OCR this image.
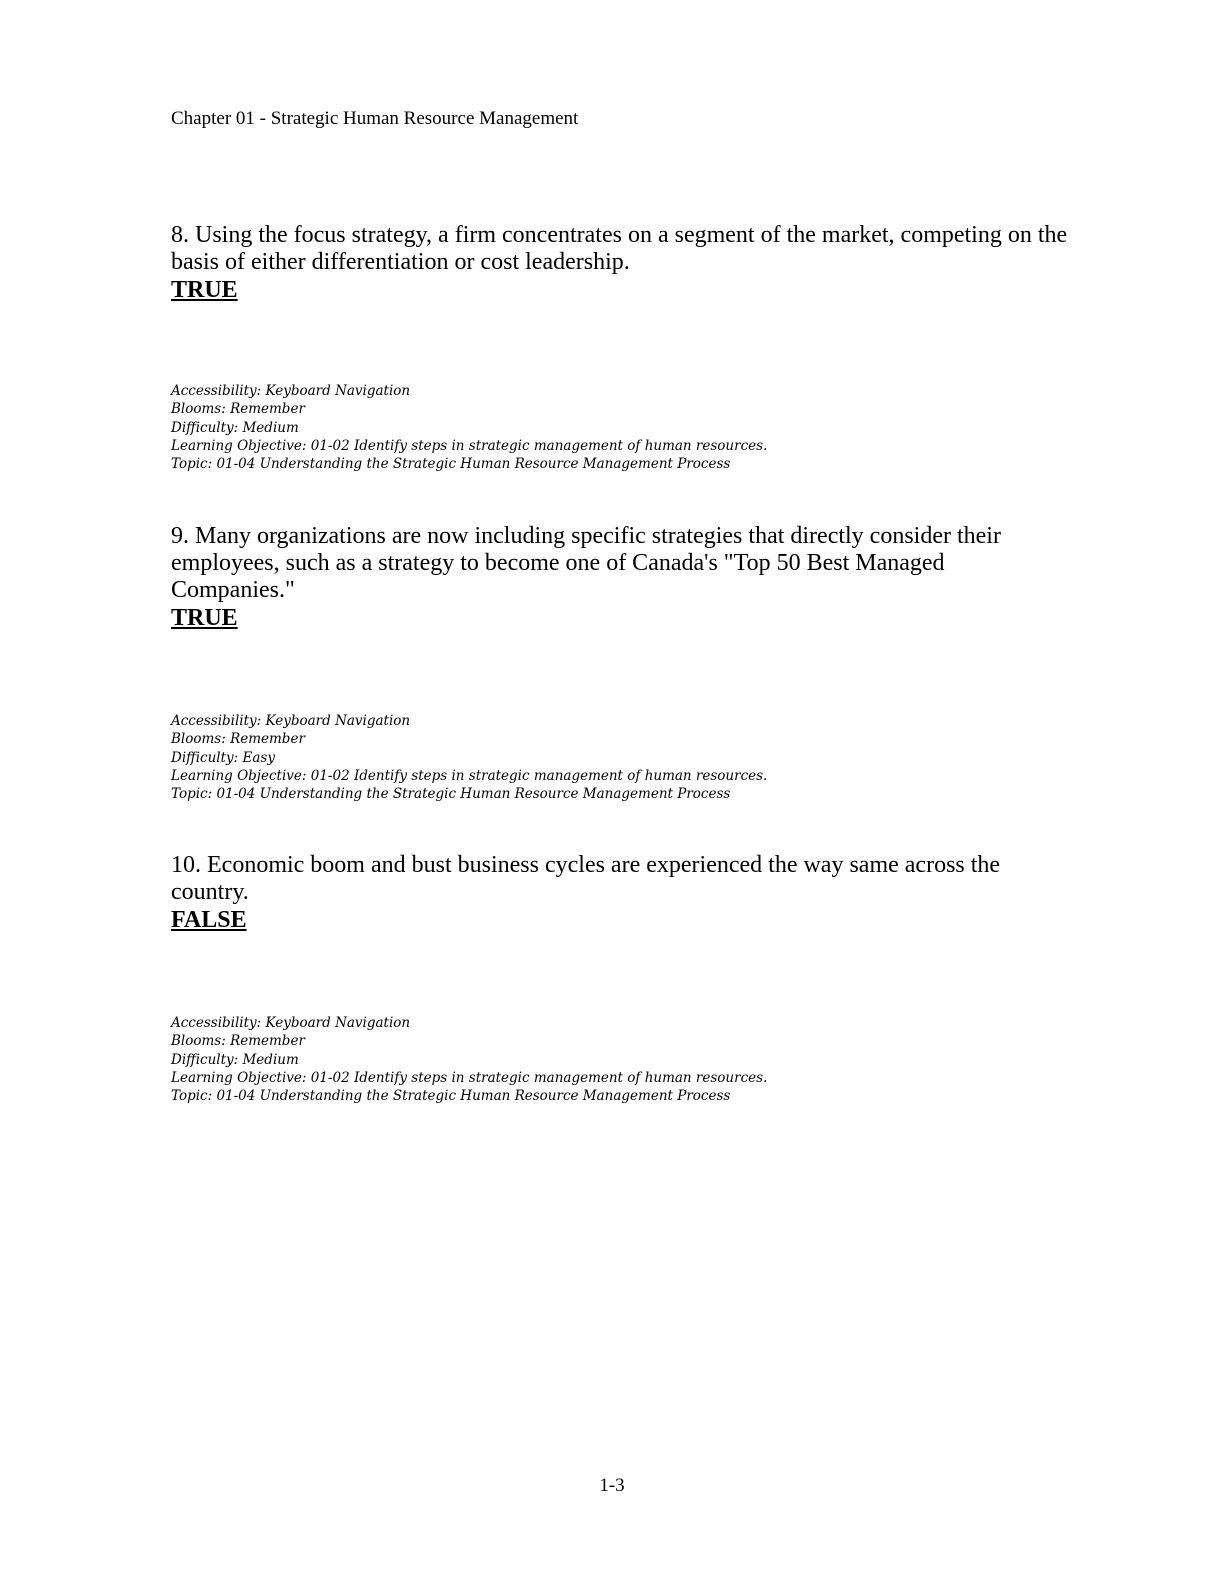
Chapter 01 - Strategic Human Resource Management

8. Using the focus strategy, a firm concentrates on a segment of the market, competing on the basis of either differentiation or cost leadership.

TRUE
Accessibility: Keyboard Navigation
Blooms: Remember
Difficulty: Medium
Learning Objective: 01-02 Identify steps in strategic management of human resources.
Topic: 01-04 Understanding the Strategic Human Resource Management Process

9. Many organizations are now including specific strategies that directly consider their employees, such as a strategy to become one of Canada's "Top 50 Best Managed Companies."

TRUE
Accessibility: Keyboard Navigation
Blooms: Remember
Difficulty: Easy
Learning Objective: 01-02 Identify steps in strategic management of human resources.
Topic: 01-04 Understanding the Strategic Human Resource Management Process

10. Economic boom and bust business cycles are experienced the way same across the country.

FALSE
Accessibility: Keyboard Navigation
Blooms: Remember
Difficulty: Medium
Learning Objective: 01-02 Identify steps in strategic management of human resources.
Topic: 01-04 Understanding the Strategic Human Resource Management Process
1-3
